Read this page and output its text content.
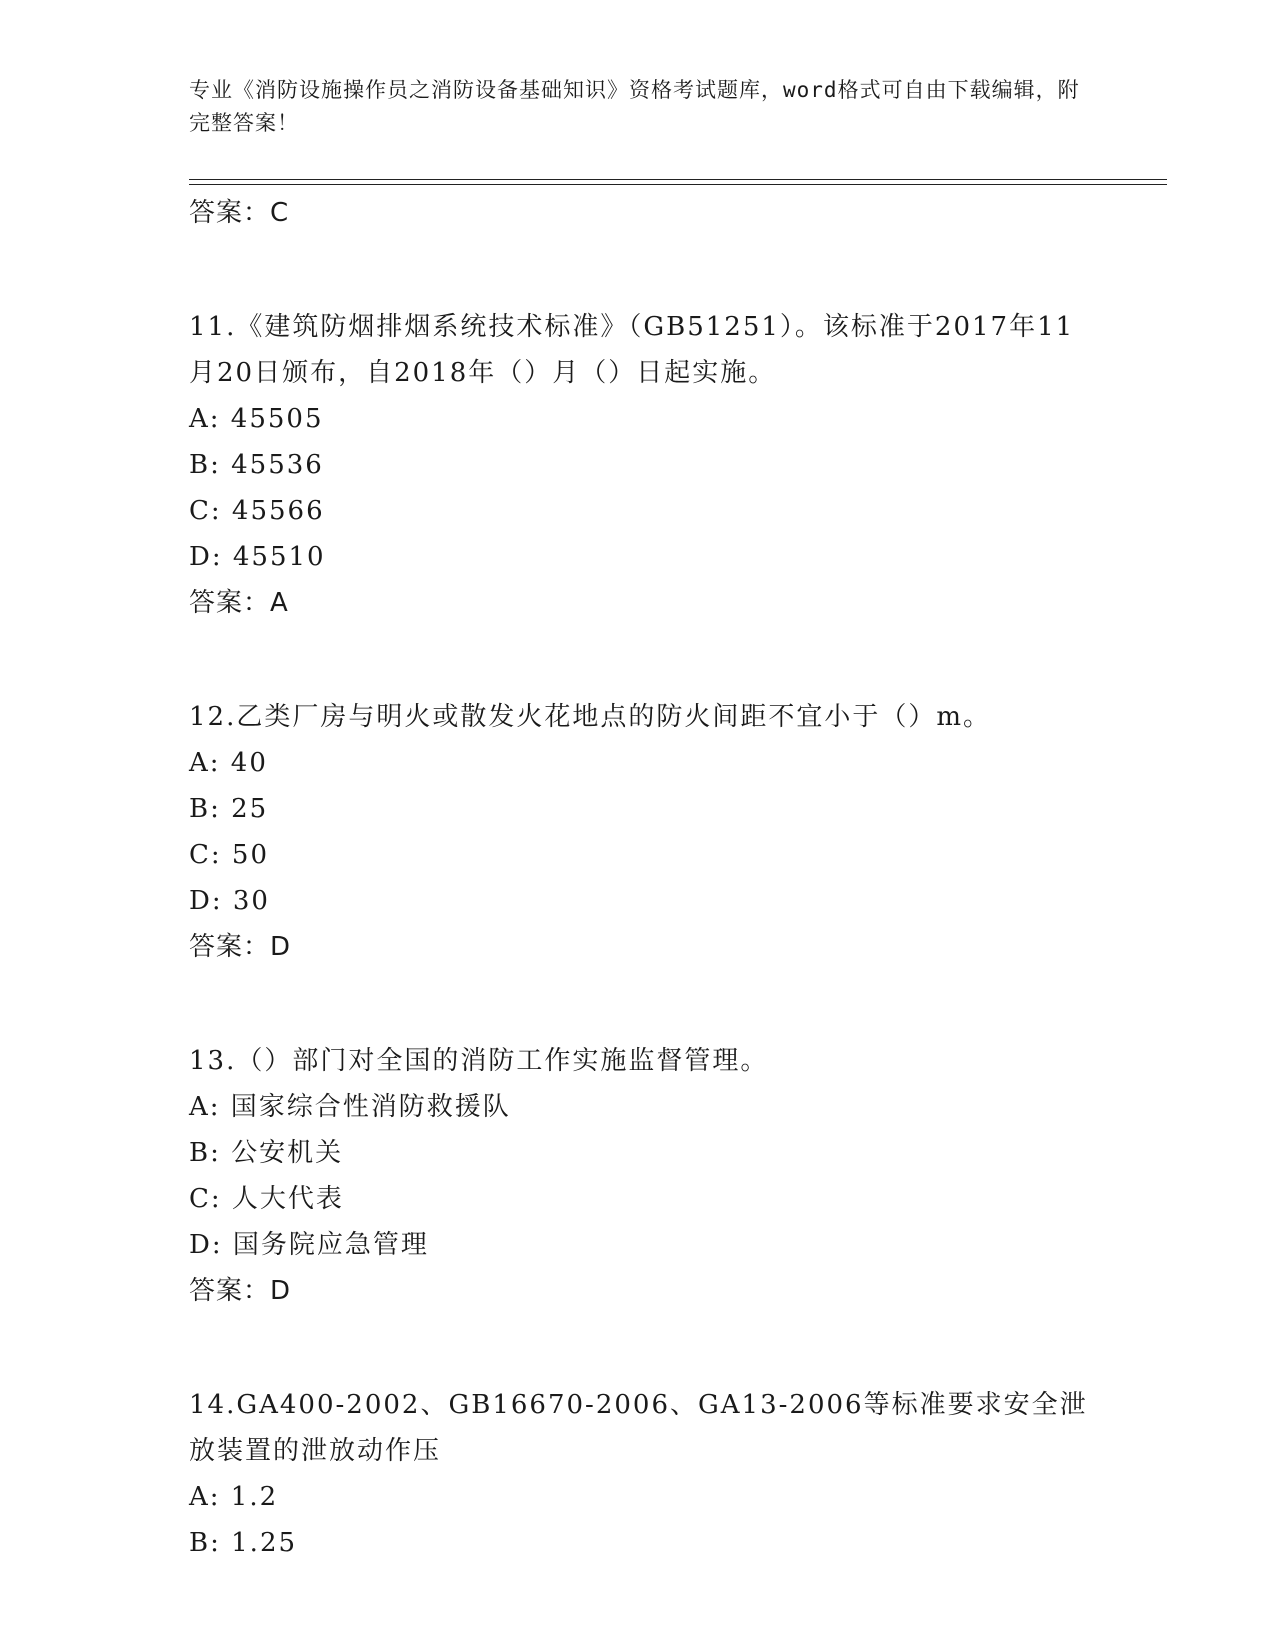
专业《消防设施操作员之消防设备基础知识》资格考试题库，word格式可自由下载编辑，附完整答案！
答案：C
11.《建筑防烟排烟系统技术标准》（GB51251）。该标准于2017年11月20日颁布，自2018年（）月（）日起实施。
A: 45505
B: 45536
C: 45566
D: 45510
答案：A
12.乙类厂房与明火或散发火花地点的防火间距不宜小于（）m。
A: 40
B: 25
C: 50
D: 30
答案：D
13.（）部门对全国的消防工作实施监督管理。
A: 国家综合性消防救援队
B: 公安机关
C: 人大代表
D: 国务院应急管理
答案：D
14.GA400-2002、GB16670-2006、GA13-2006等标准要求安全泄放装置的泄放动作压
A: 1.2
B: 1.25
